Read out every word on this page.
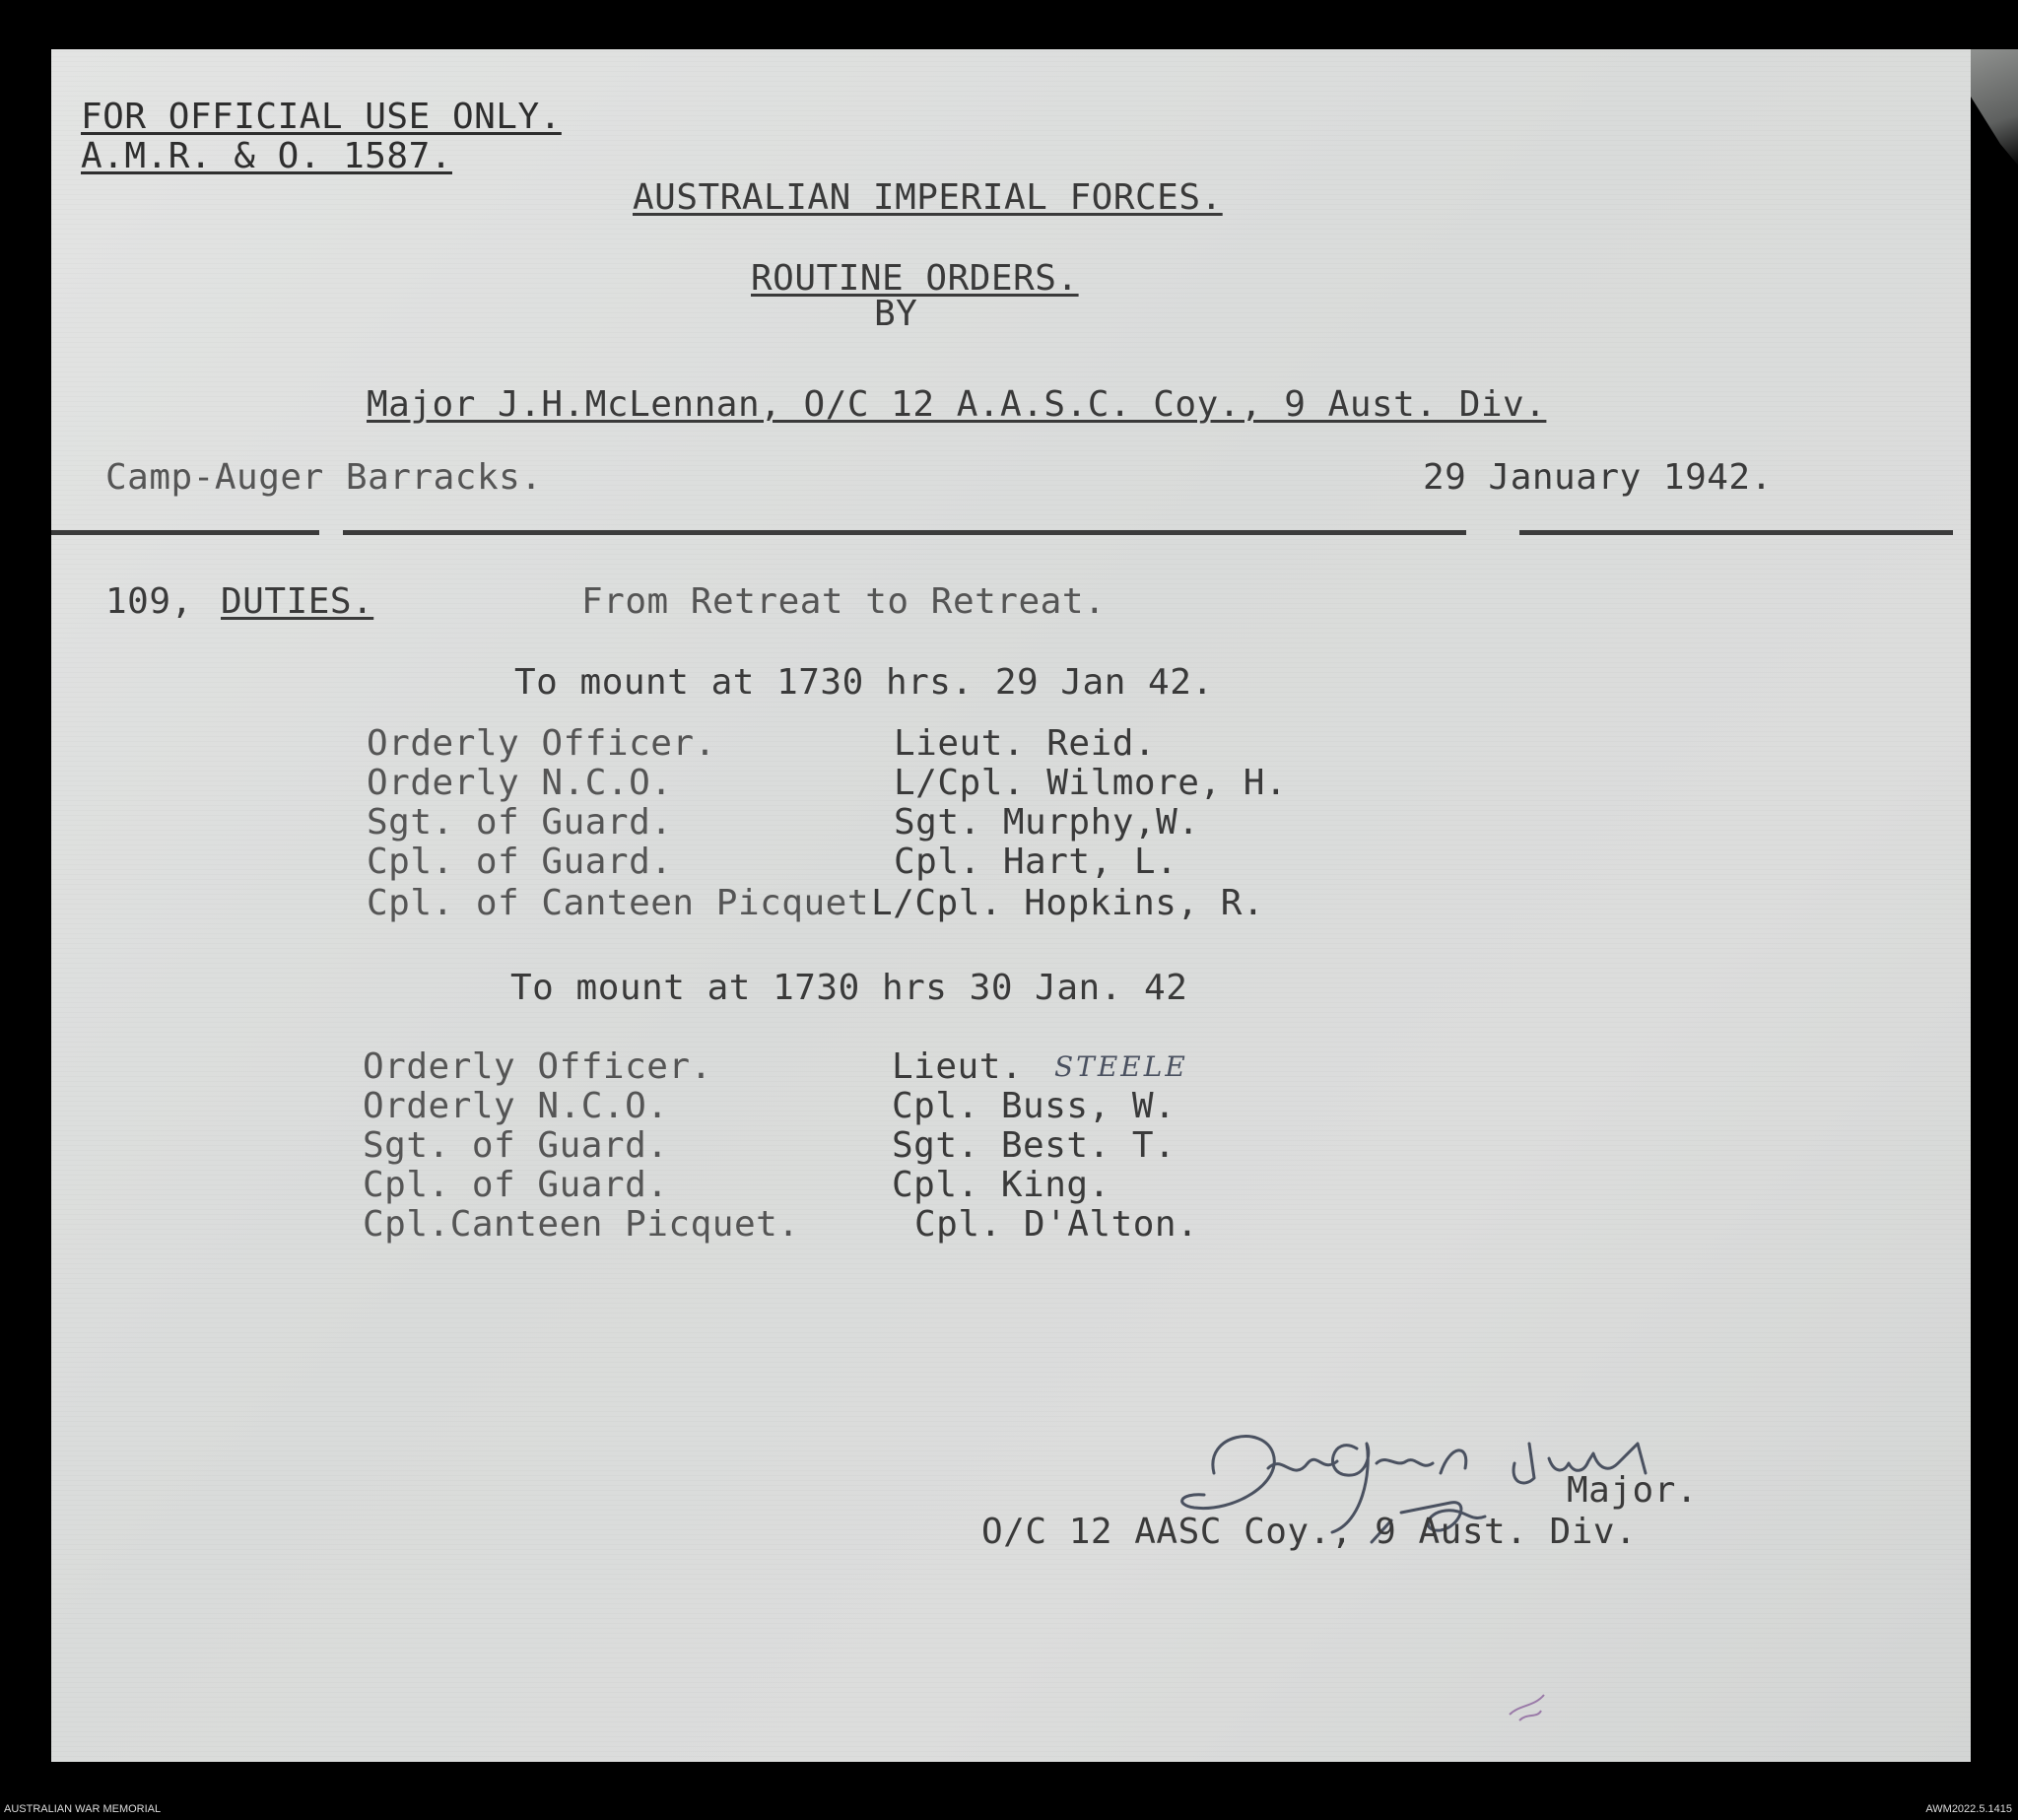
FOR OFFICIAL USE ONLY.
A.M.R. & O. 1587.
AUSTRALIAN IMPERIAL FORCES.
ROUTINE ORDERS.
BY
Major J.H.McLennan, O/C 12 A.A.S.C. Coy., 9 Aust. Div.
Camp-Auger Barracks.	29 January 1942.
109, DUTIES.	From Retreat to Retreat.
To mount at 1730 hrs. 29 Jan 42.
Orderly Officer.	Lieut. Reid.
Orderly N.C.O.	L/Cpl. Wilmore, H.
Sgt. of Guard.	Sgt. Murphy,W.
Cpl. of Guard.	Cpl. Hart, L.
Cpl. of Canteen Picquet L/Cpl. Hopkins, R.
To mount at 1730 hrs 30 Jan. 42
Orderly Officer.	Lieut. STEELE
Orderly N.C.O.	Cpl. Buss, W.
Sgt. of Guard.	Sgt. Best. T.
Cpl. of Guard.	Cpl. King.
Cpl.Canteen Picquet.	Cpl. D'Alton.
Major.
O/C 12 AASC Coy., 9 Aust. Div.
AUSTRALIAN WAR MEMORIAL	AWM2022.5.1415
